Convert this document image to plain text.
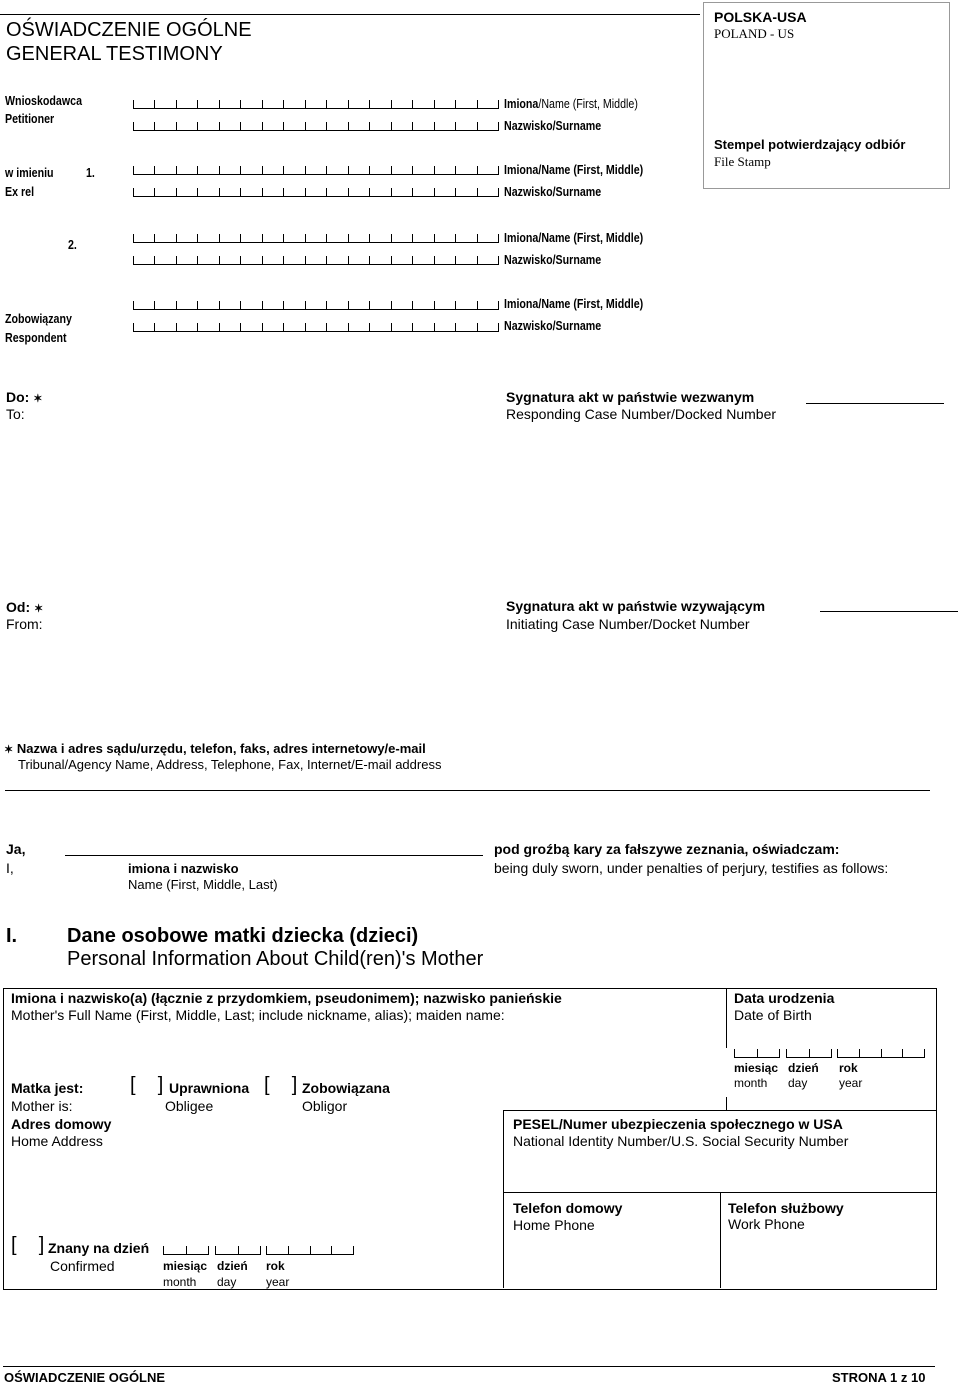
OŚWIADCZENIE OGÓLNE
GENERAL TESTIMONY
POLSKA-USA
POLAND - US
Stempel potwierdzający odbiór
File Stamp
Wnioskodawca
Petitioner
Imiona/Name (First, Middle)
Nazwisko/Surname
w imieniu 1.
Ex rel
Imiona/Name (First, Middle)
Nazwisko/Surname
2.	Imiona/Name (First, Middle)
Nazwisko/Surname
Zobowiązany
Respondent
Imiona/Name (First, Middle)
Nazwisko/Surname
Do: ✶
To:
Sygnatura akt w państwie wezwanym
Responding Case Number/Docked Number
Od: ✶
From:
Sygnatura akt w państwie wzywającym
Initiating Case Number/Docket Number
✶ Nazwa i adres sądu/urzędu, telefon, faks, adres internetowy/e-mail
Tribunal/Agency Name, Address, Telephone, Fax, Internet/E-mail address
Ja,
I,	imiona i nazwisko
Name (First, Middle, Last)
pod groźbą kary za fałszywe zeznania, oświadczam:
being duly sworn, under penalties of perjury, testifies as follows:
I. Dane osobowe matki dziecka (dzieci)
Personal Information About Child(ren)'s Mother
Imiona i nazwisko(a) (łącznie z przydomkiem, pseudonimem); nazwisko panieńskie
Mother's Full Name (First, Middle, Last; include nickname, alias); maiden name:
Data urodzenia
Date of Birth
miesiąc
month
dzień
day
rok
year
Matka jest:
Mother is:
[    ] Uprawniona
Obligee
[    ] Zobowiązana
Obligor
Adres domowy
Home Address
PESEL/Numer ubezpieczenia społecznego w USA
National Identity Number/U.S. Social Security Number
[    ] Znany na dzień
Confirmed	miesiąc
month
dzień
day
rok
year
Telefon domowy
Home Phone
Telefon służbowy
Work Phone
OŚWIADCZENIE OGÓLNE	STRONA 1 z 10
